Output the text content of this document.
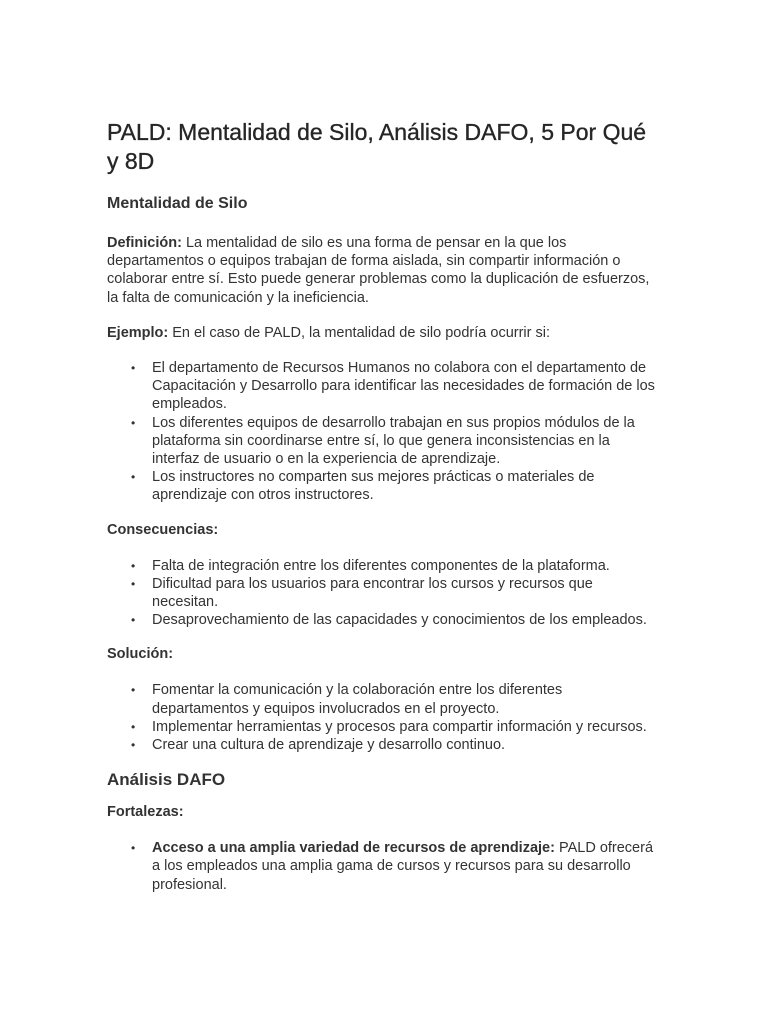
PALD: Mentalidad de Silo, Análisis DAFO, 5 Por Qué y 8D
Mentalidad de Silo

Definición: La mentalidad de silo es una forma de pensar en la que los departamentos o equipos trabajan de forma aislada, sin compartir información o colaborar entre sí. Esto puede generar problemas como la duplicación de esfuerzos, la falta de comunicación y la ineficiencia.

Ejemplo: En el caso de PALD, la mentalidad de silo podría ocurrir si:

• El departamento de Recursos Humanos no colabora con el departamento de Capacitación y Desarrollo para identificar las necesidades de formación de los empleados.
• Los diferentes equipos de desarrollo trabajan en sus propios módulos de la plataforma sin coordinarse entre sí, lo que genera inconsistencias en la interfaz de usuario o en la experiencia de aprendizaje.
• Los instructores no comparten sus mejores prácticas o materiales de aprendizaje con otros instructores.
Consecuencias:
• Falta de integración entre los diferentes componentes de la plataforma.
• Dificultad para los usuarios para encontrar los cursos y recursos que necesitan.
• Desaprovechamiento de las capacidades y conocimientos de los empleados.
Solución:
• Fomentar la comunicación y la colaboración entre los diferentes departamentos y equipos involucrados en el proyecto.
• Implementar herramientas y procesos para compartir información y recursos.
• Crear una cultura de aprendizaje y desarrollo continuo.
Análisis DAFO
Fortalezas:
• Acceso a una amplia variedad de recursos de aprendizaje: PALD ofrecerá a los empleados una amplia gama de cursos y recursos para su desarrollo profesional.
